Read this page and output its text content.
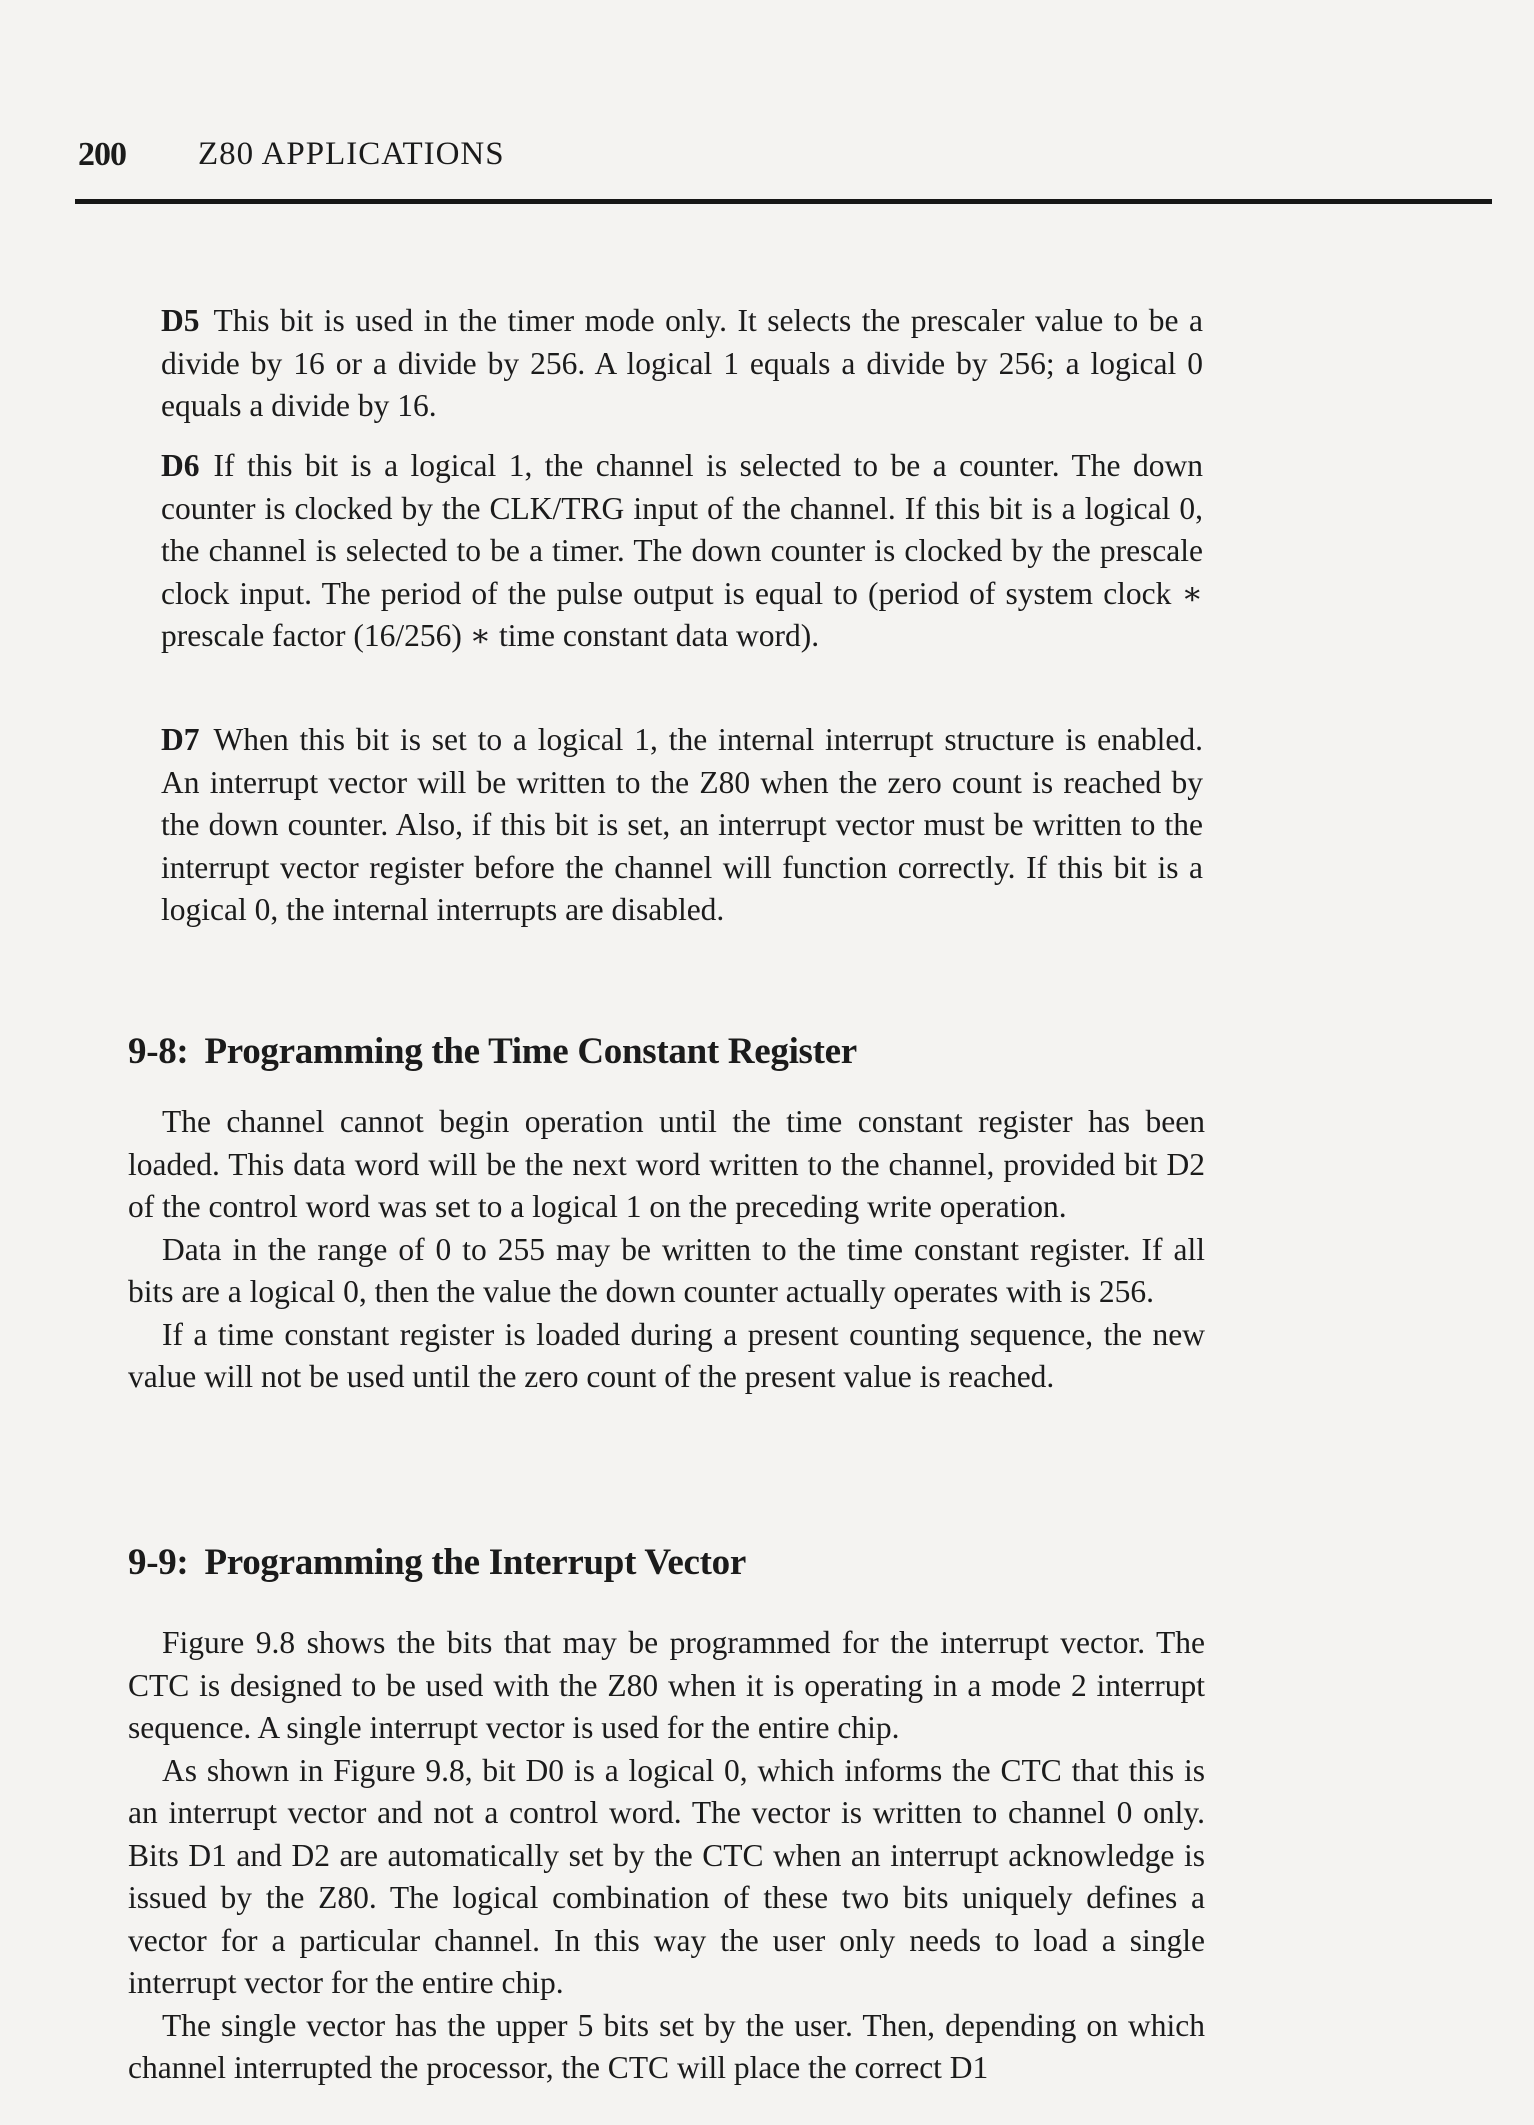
200 Z80 APPLICATIONS
D5 This bit is used in the timer mode only. It selects the prescaler value to be a divide by 16 or a divide by 256. A logical 1 equals a divide by 256; a logical 0 equals a divide by 16.
D6 If this bit is a logical 1, the channel is selected to be a counter. The down counter is clocked by the CLK/TRG input of the channel. If this bit is a logical 0, the channel is selected to be a timer. The down counter is clocked by the prescale clock input. The period of the pulse output is equal to (period of system clock ∗ prescale factor (16/256) ∗ time constant data word).
D7 When this bit is set to a logical 1, the internal interrupt structure is enabled. An interrupt vector will be written to the Z80 when the zero count is reached by the down counter. Also, if this bit is set, an interrupt vector must be written to the interrupt vector register before the channel will function correctly. If this bit is a logical 0, the internal interrupts are disabled.
9-8: Programming the Time Constant Register

The channel cannot begin operation until the time constant register has been loaded. This data word will be the next word written to the channel, provided bit D2 of the control word was set to a logical 1 on the preceding write operation.

Data in the range of 0 to 255 may be written to the time constant register. If all bits are a logical 0, then the value the down counter actually operates with is 256.

If a time constant register is loaded during a present counting sequence, the new value will not be used until the zero count of the present value is reached.

9-9: Programming the Interrupt Vector

Figure 9.8 shows the bits that may be programmed for the interrupt vector. The CTC is designed to be used with the Z80 when it is operating in a mode 2 interrupt sequence. A single interrupt vector is used for the entire chip.

As shown in Figure 9.8, bit D0 is a logical 0, which informs the CTC that this is an interrupt vector and not a control word. The vector is written to channel 0 only. Bits D1 and D2 are automatically set by the CTC when an interrupt acknowledge is issued by the Z80. The logical combination of these two bits uniquely defines a vector for a particular channel. In this way the user only needs to load a single interrupt vector for the entire chip.

The single vector has the upper 5 bits set by the user. Then, depending on which channel interrupted the processor, the CTC will place the correct D1
